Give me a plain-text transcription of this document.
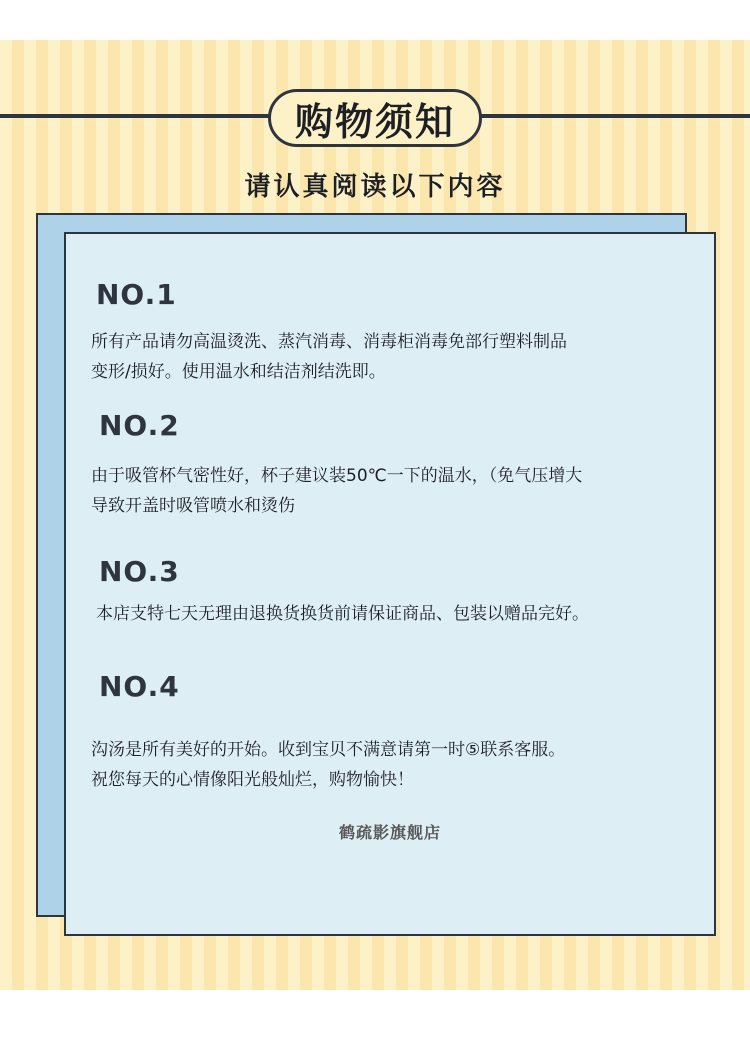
购物须知
请认真阅读以下内容
NO.1
所有产品请勿高温烫洗、蒸汽消毒、消毒柜消毒免部行塑料制品
变形/损好。使用温水和结洁剂结洗即。
NO.2
由于吸管杯气密性好，杯子建议装50℃一下的温水，（免气压增大
导致开盖时吸管喷水和烫伤
NO.3
本店支特七天无理由退换货换货前请保证商品、包装以赠品完好。
NO.4
沟汤是所有美好的开始。收到宝贝不满意请第一时⑤联系客服。
祝您每天的心情像阳光般灿烂，购物愉快！
鹤疏影旗舰店
